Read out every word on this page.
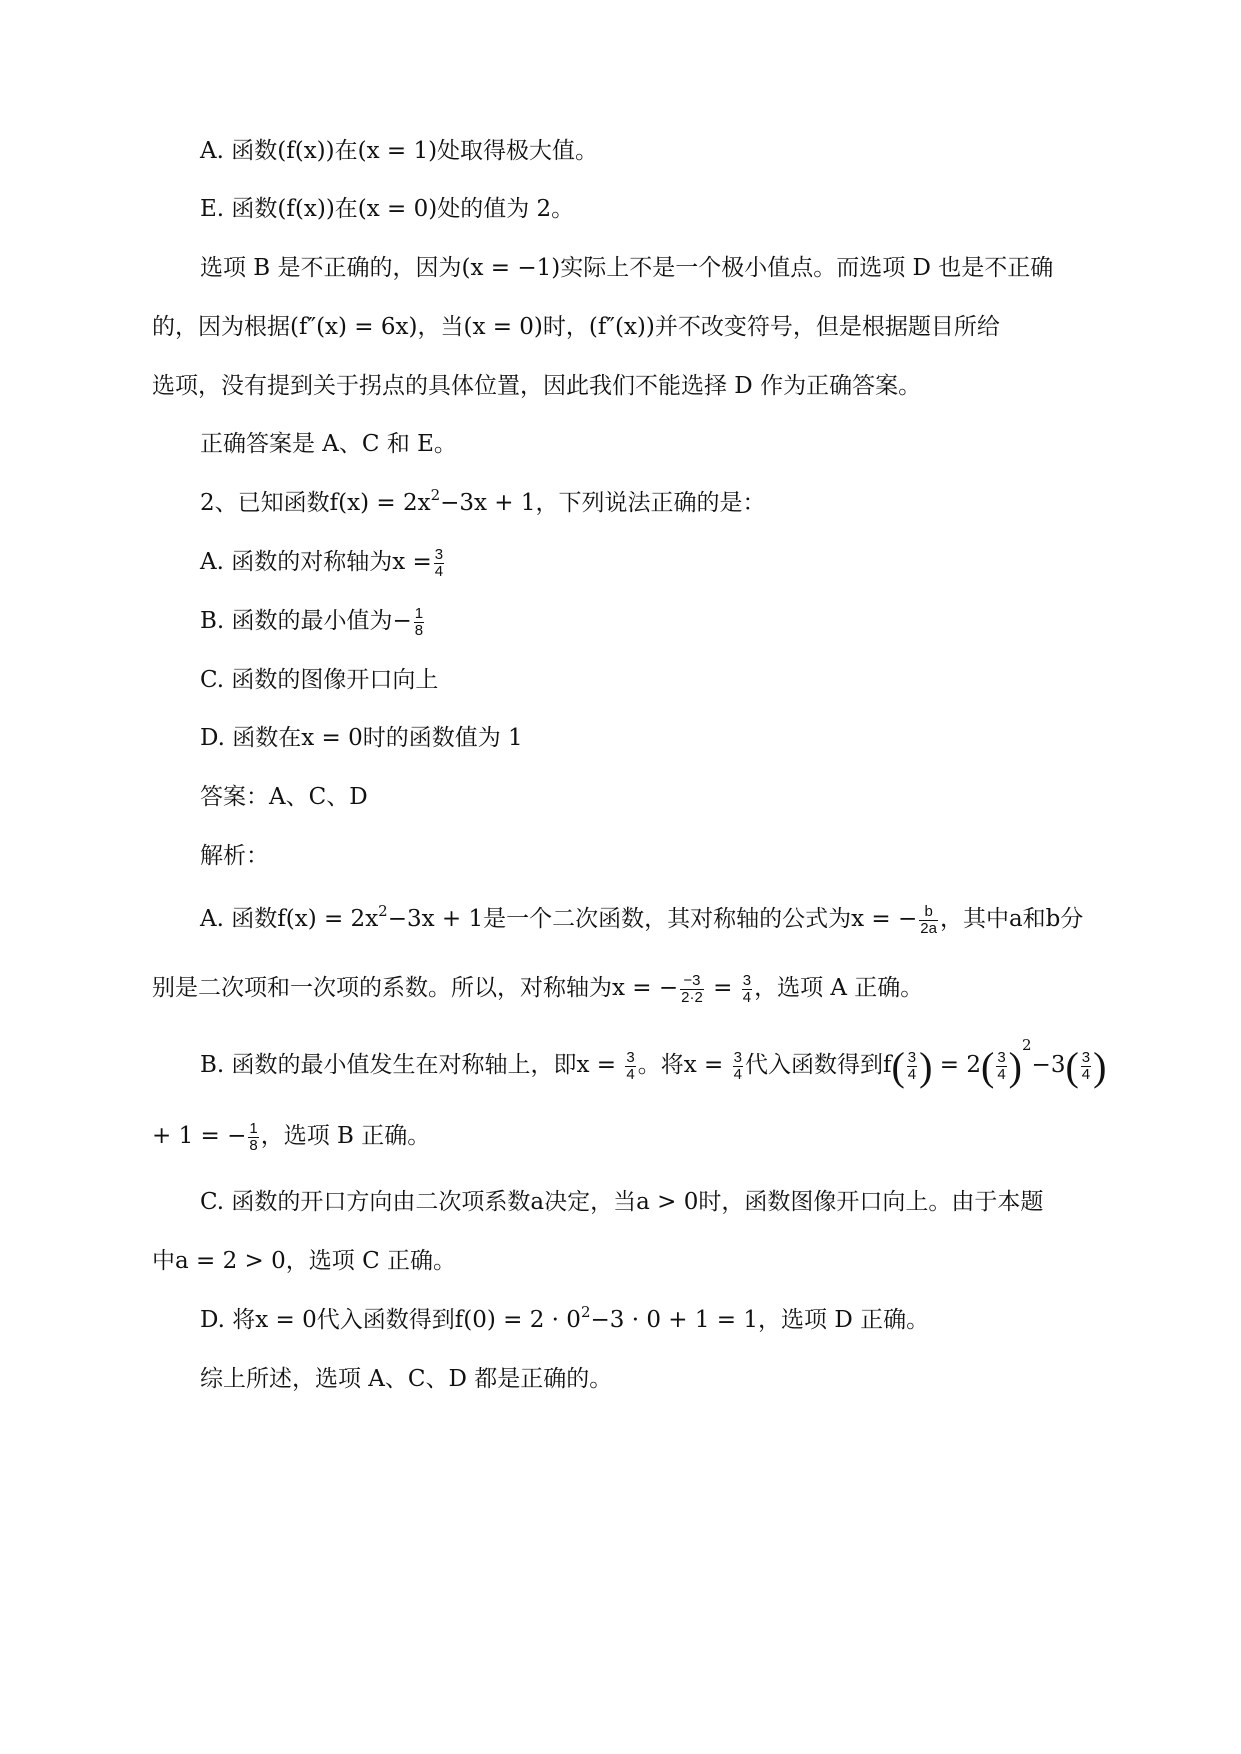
A. 函数(f(x))在(x = 1)处取得极大值。
E. 函数(f(x))在(x = 0)处的值为 2。
选项 B 是不正确的，因为(x = −1)实际上不是一个极小值点。而选项 D 也是不正确
的，因为根据(f″(x) = 6x)，当(x = 0)时，(f″(x))并不改变符号，但是根据题目所给
选项，没有提到关于拐点的具体位置，因此我们不能选择 D 作为正确答案。
正确答案是 A、C 和 E。
2、已知函数$f(x) = 2x^2-3x + 1$，下列说法正确的是：
A. 函数的对称轴为$x = \frac{3}{4}$
B. 函数的最小值为− $\frac{1}{8}$
C. 函数的图像开口向上
D. 函数在x = 0时的函数值为 1
答案：A、C、D
解析：
A. 函数$f(x) = 2x^2-3x + 1$是一个二次函数，其对称轴的公式为x = − $\frac{b}{2a}$ ，其中a和b分
别是二次项和一次项的系数。所以，对称轴为x = − $\frac{-3}{2\cdot 2} = \frac{3}{4}$ ，选项 A 正确。
B. 函数的最小值发生在对称轴上，即$x = \frac{3}{4}$ 。将$x = \frac{3}{4}$ 代入函数得到$f( \frac{3}{4}$ ) = $2( \frac{3}{4} )^2-3( \frac{3}{4}$ )
+ 1 = − $\frac{1}{8}$ ，选项 B 正确。
C. 函数的开口方向由二次项系数a决定，当a > 0时，函数图像开口向上。由于本题
中a = 2 > 0，选项 C 正确。
D. 将x = 0代入函数得到$f(0) = 2 \cdot 0^2-3 \cdot 0 + 1 = 1$，选项 D 正确。
综上所述，选项 A、C、D 都是正确的。
